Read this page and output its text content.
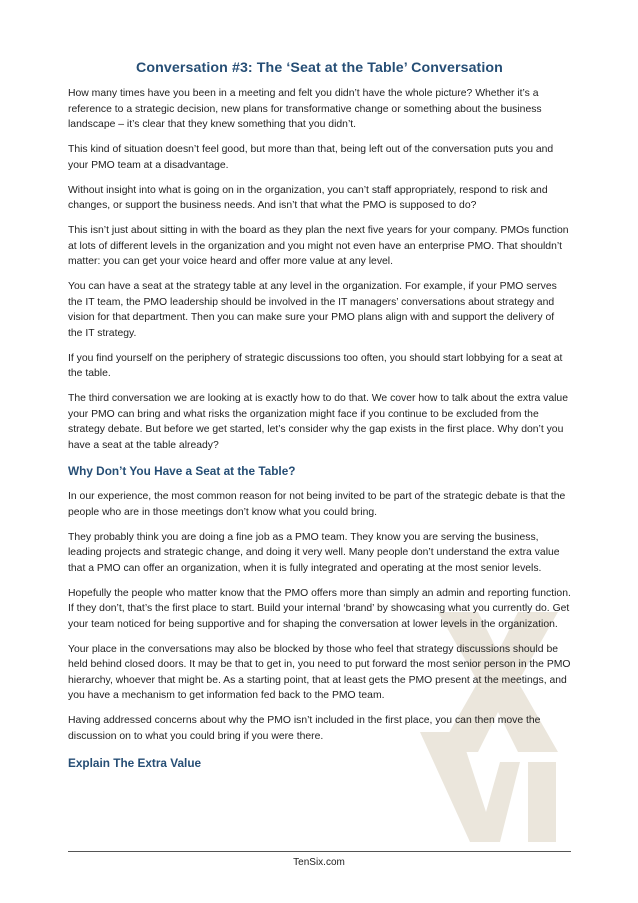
Conversation #3: The ‘Seat at the Table’ Conversation

How many times have you been in a meeting and felt you didn’t have the whole picture? Whether it’s a reference to a strategic decision, new plans for transformative change or something about the business landscape – it’s clear that they knew something that you didn’t.

This kind of situation doesn’t feel good, but more than that, being left out of the conversation puts you and your PMO team at a disadvantage.

Without insight into what is going on in the organization, you can’t staff appropriately, respond to risk and changes, or support the business needs. And isn’t that what the PMO is supposed to do?

This isn’t just about sitting in with the board as they plan the next five years for your company. PMOs function at lots of different levels in the organization and you might not even have an enterprise PMO. That shouldn’t matter: you can get your voice heard and offer more value at any level.

You can have a seat at the strategy table at any level in the organization. For example, if your PMO serves the IT team, the PMO leadership should be involved in the IT managers’ conversations about strategy and vision for that department. Then you can make sure your PMO plans align with and support the delivery of the IT strategy.

If you find yourself on the periphery of strategic discussions too often, you should start lobbying for a seat at the table.

The third conversation we are looking at is exactly how to do that. We cover how to talk about the extra value your PMO can bring and what risks the organization might face if you continue to be excluded from the strategy debate. But before we get started, let’s consider why the gap exists in the first place. Why don’t you have a seat at the table already?

Why Don’t You Have a Seat at the Table?

In our experience, the most common reason for not being invited to be part of the strategic debate is that the people who are in those meetings don’t know what you could bring.

They probably think you are doing a fine job as a PMO team. They know you are serving the business, leading projects and strategic change, and doing it very well. Many people don’t understand the extra value that a PMO can offer an organization, when it is fully integrated and operating at the most senior levels.

Hopefully the people who matter know that the PMO offers more than simply an admin and reporting function. If they don’t, that’s the first place to start. Build your internal ‘brand’ by showcasing what you currently do. Get your team noticed for being supportive and for shaping the conversation at lower levels in the organization.

Your place in the conversations may also be blocked by those who feel that strategy discussions should be held behind closed doors. It may be that to get in, you need to put forward the most senior person in the PMO hierarchy, whoever that might be. As a starting point, that at least gets the PMO present at the meetings, and you have a mechanism to get information fed back to the PMO team.

Having addressed concerns about why the PMO isn’t included in the first place, you can then move the discussion on to what you could bring if you were there.

Explain The Extra Value
TenSix.com
